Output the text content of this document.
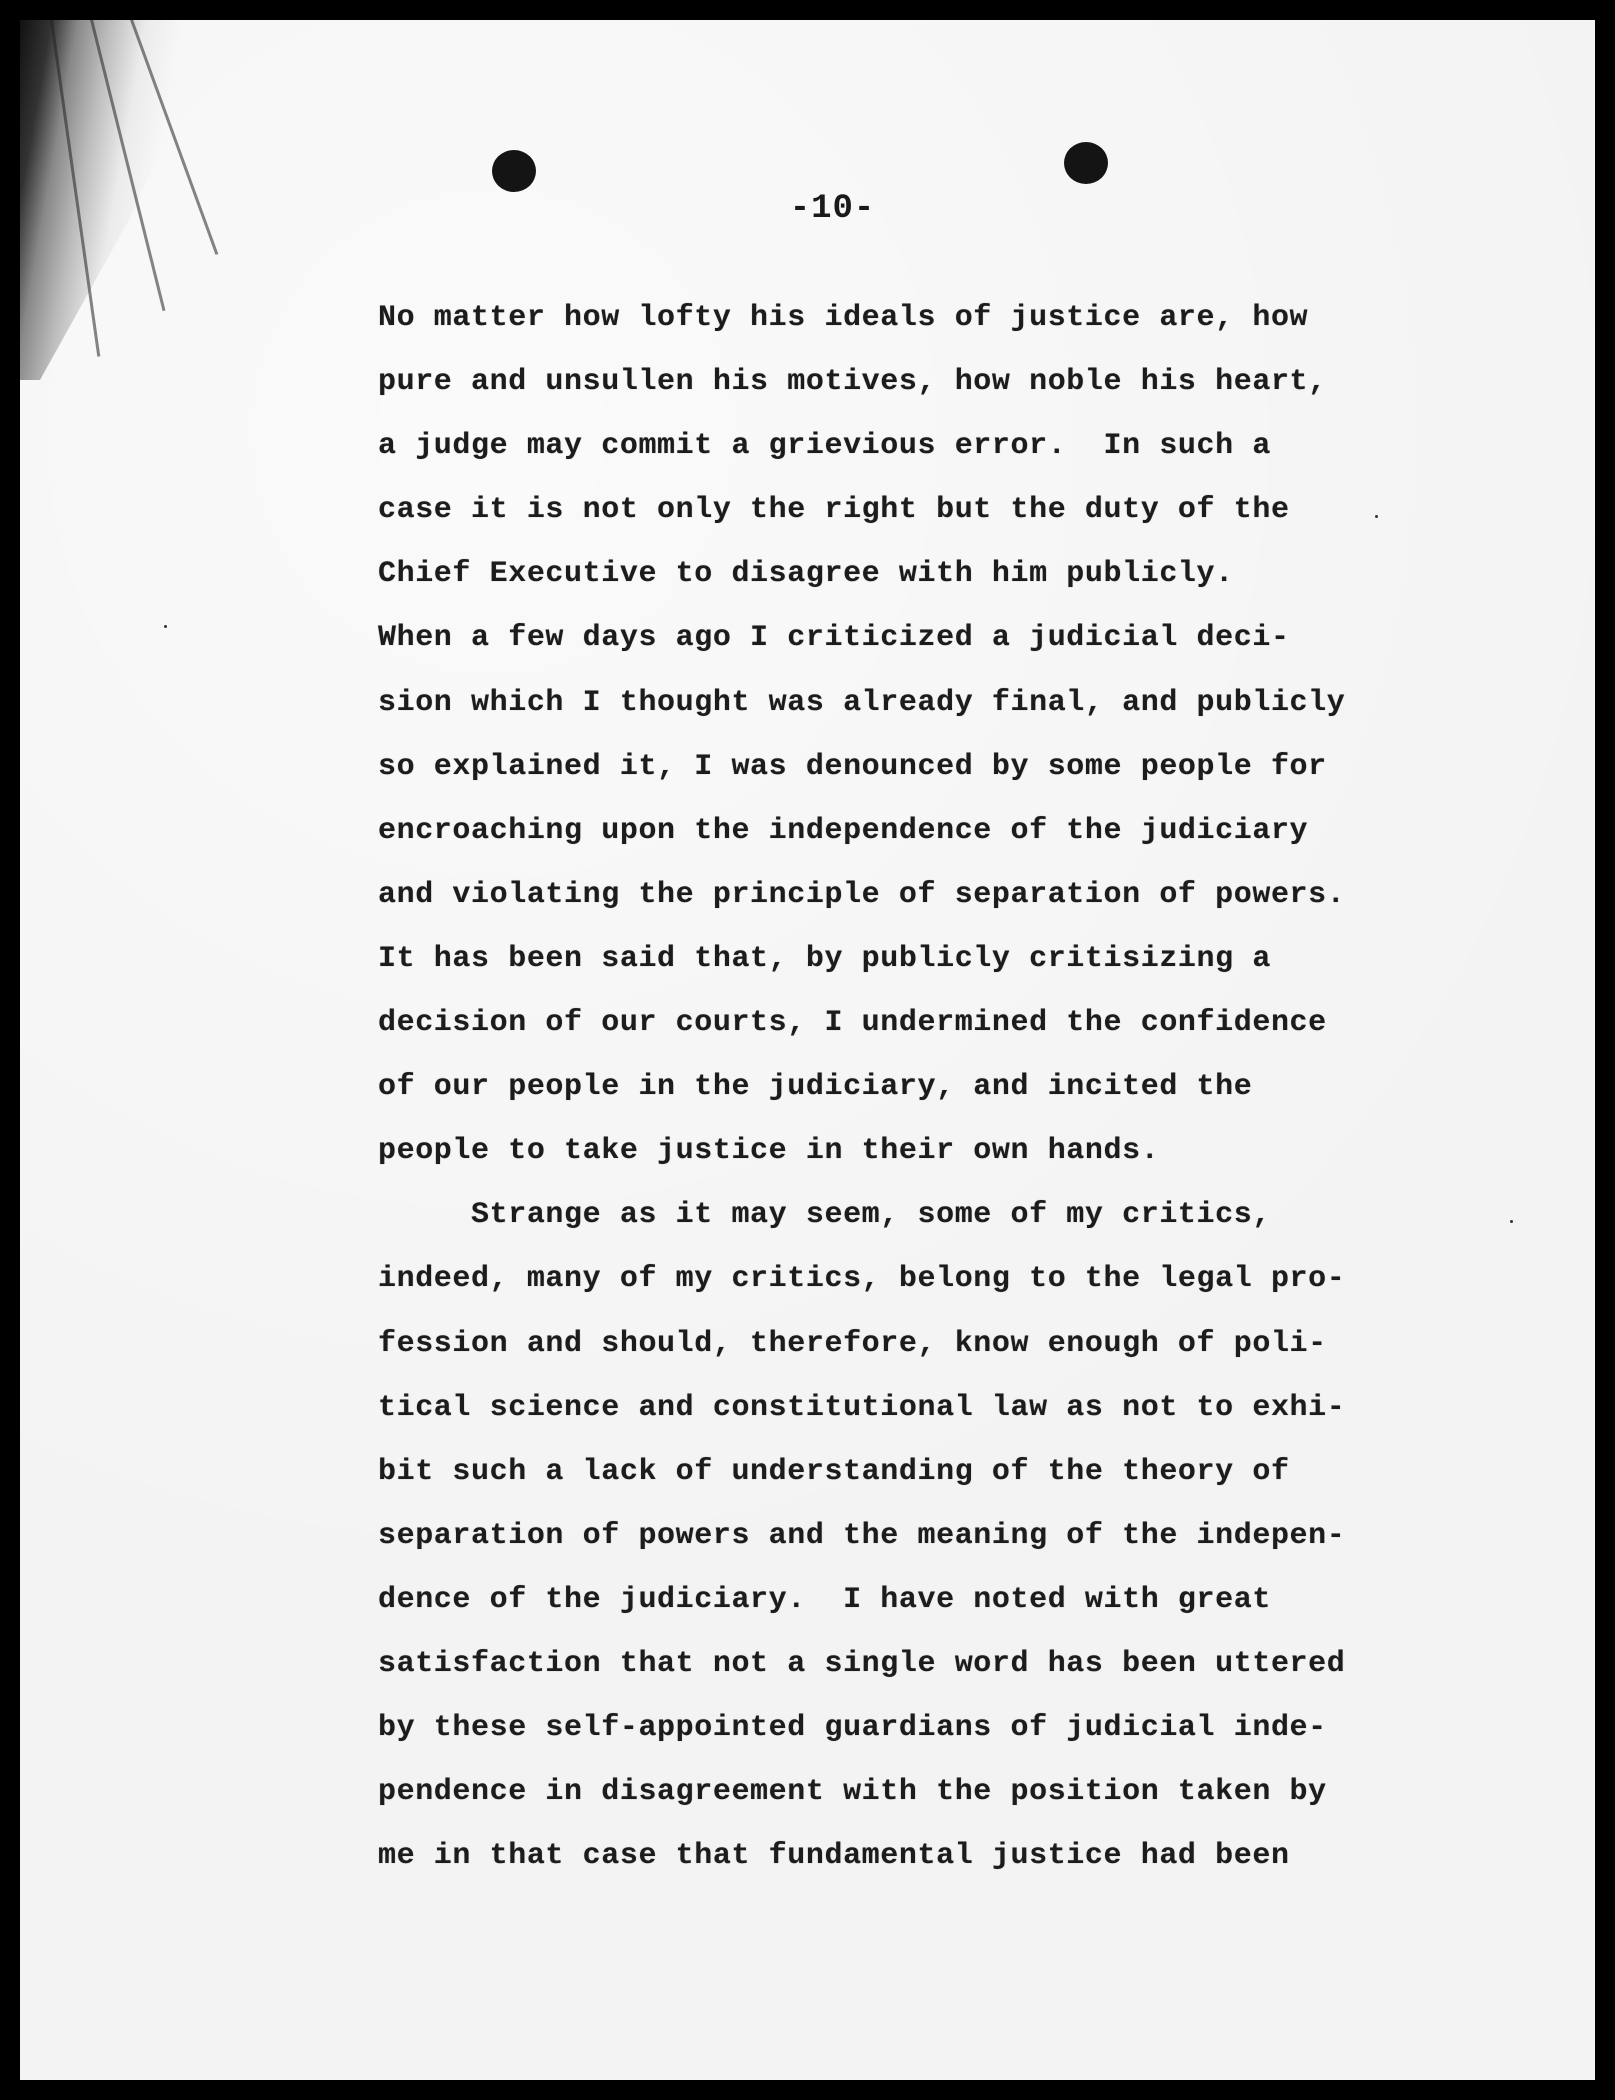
-10-
No matter how lofty his ideals of justice are, how
pure and unsullen his motives, how noble his heart,
a judge may commit a grievious error.  In such a
case it is not only the right but the duty of the
Chief Executive to disagree with him publicly.
When a few days ago I criticized a judicial deci-
sion which I thought was already final, and publicly
so explained it, I was denounced by some people for
encroaching upon the independence of the judiciary
and violating the principle of separation of powers.
It has been said that, by publicly critisizing a
decision of our courts, I undermined the confidence
of our people in the judiciary, and incited the
people to take justice in their own hands.
Strange as it may seem, some of my critics,
indeed, many of my critics, belong to the legal pro-
fession and should, therefore, know enough of poli-
tical science and constitutional law as not to exhi-
bit such a lack of understanding of the theory of
separation of powers and the meaning of the indepen-
dence of the judiciary.  I have noted with great
satisfaction that not a single word has been uttered
by these self-appointed guardians of judicial inde-
pendence in disagreement with the position taken by
me in that case that fundamental justice had been
